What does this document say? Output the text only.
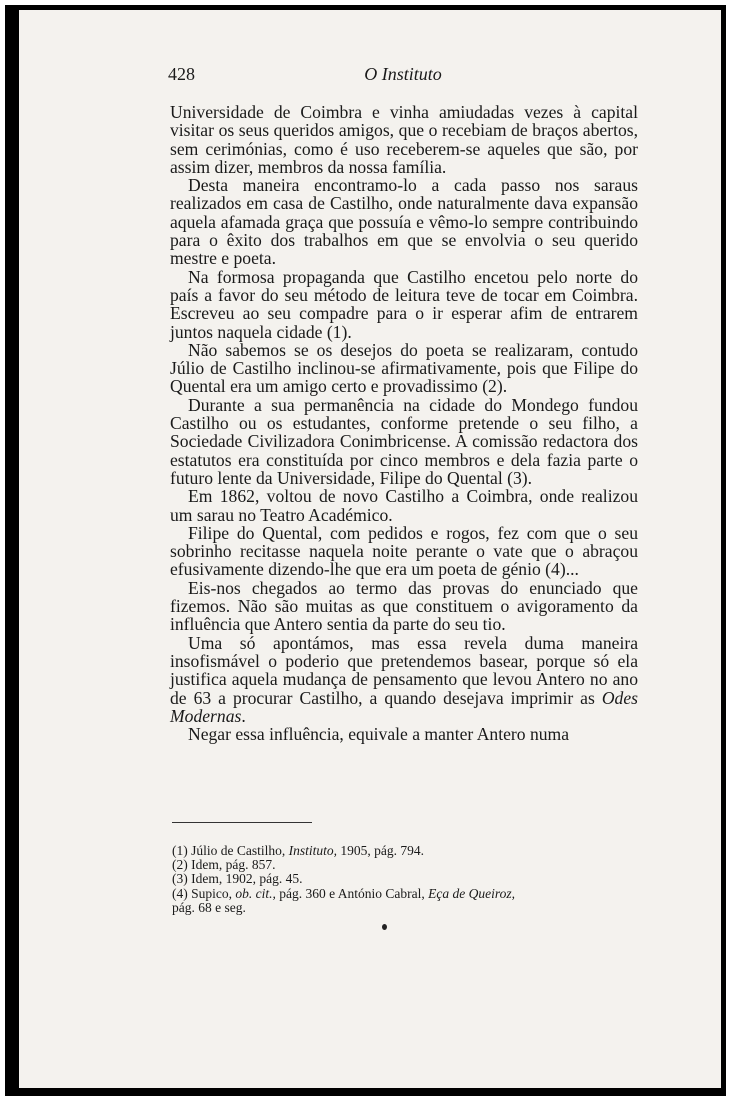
428	O Instituto

Universidade de Coimbra e vinha amiudadas vezes à capital visitar os seus queridos amigos, que o recebiam de braços abertos, sem cerimónias, como é uso receberem-se aqueles que são, por assim dizer, membros da nossa família.

Desta maneira encontramo-lo a cada passo nos saraus realizados em casa de Castilho, onde naturalmente dava expansão aquela afamada graça que possuía e vêmo-lo sempre contribuindo para o êxito dos trabalhos em que se envolvia o seu querido mestre e poeta.

Na formosa propaganda que Castilho encetou pelo norte do país a favor do seu método de leitura teve de tocar em Coimbra. Escreveu ao seu compadre para o ir esperar afim de entrarem juntos naquela cidade (1).

Não sabemos se os desejos do poeta se realizaram, contudo Júlio de Castilho inclinou-se afirmativamente, pois que Filipe do Quental era um amigo certo e provadissimo (2).

Durante a sua permanência na cidade do Mondego fundou Castilho ou os estudantes, conforme pretende o seu filho, a Sociedade Civilizadora Conimbricense. A comissão redactora dos estatutos era constituída por cinco membros e dela fazia parte o futuro lente da Universidade, Filipe do Quental (3).

Em 1862, voltou de novo Castilho a Coimbra, onde realizou um sarau no Teatro Académico.

Filipe do Quental, com pedidos e rogos, fez com que o seu sobrinho recitasse naquela noite perante o vate que o abraçou efusivamente dizendo-lhe que era um poeta de génio (4)...

Eis-nos chegados ao termo das provas do enunciado que fizemos. Não são muitas as que constituem o avigoramento da influência que Antero sentia da parte do seu tio.

Uma só apontámos, mas essa revela duma maneira insofismável o poderio que pretendemos basear, porque só ela justifica aquela mudança de pensamento que levou Antero no ano de 63 a procurar Castilho, a quando desejava imprimir as Odes Modernas.

Negar essa influência, equivale a manter Antero numa

(1) Júlio de Castilho, Instituto, 1905, pág. 794.
(2) Idem, pág. 857.
(3) Idem, 1902, pág. 45.
(4) Supico, ob. cit., pág. 360 e António Cabral, Eça de Queiroz,
pág. 68 e seg.
